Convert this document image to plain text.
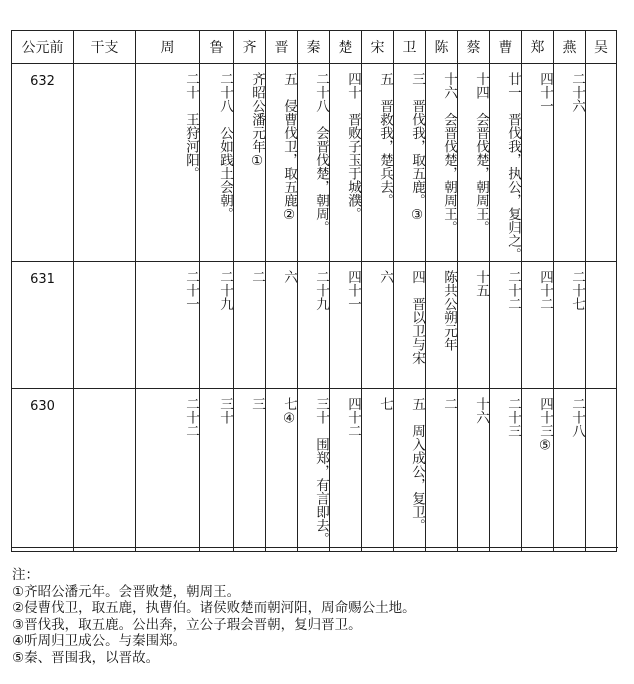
公元前	干支	周	鲁	齐	晋	秦	楚	宋	卫	陈	蔡	曹	郑	燕	吴
632		二十　王狩河阳。	二十八　公如践土会朝。	齐昭公潘元年①	五　侵曹伐卫，取五鹿②	二十八　会晋伐楚，朝周。	四十　晋败子玉于城濮。	五　晋救我，楚兵去。	三　晋伐我，取五鹿。③	十六　会晋伐楚，朝周王。	十四　会晋伐楚，朝周王。	廿一　晋伐我，执公，复归之。	四十一	二十六	
631		二十一	二十九	二	六	二十九	四十一	六	四　晋以卫与宋	陈共公朔元年	十五	二十二	四十二	二十七	
630		二十二	三十	三	七④	三十　围郑，有言即去。	四十二	七	五　周入成公，复卫。	二	十六	二十三	四十三⑤	二十八	
注：
①齐昭公潘元年。会晋败楚，朝周王。
②侵曹伐卫，取五鹿，执曹伯。诸侯败楚而朝河阳，周命赐公土地。
③晋伐我，取五鹿。公出奔，立公子瑕会晋朝，复归晋卫。
④听周归卫成公。与秦围郑。
⑤秦、晋围我，以晋故。
